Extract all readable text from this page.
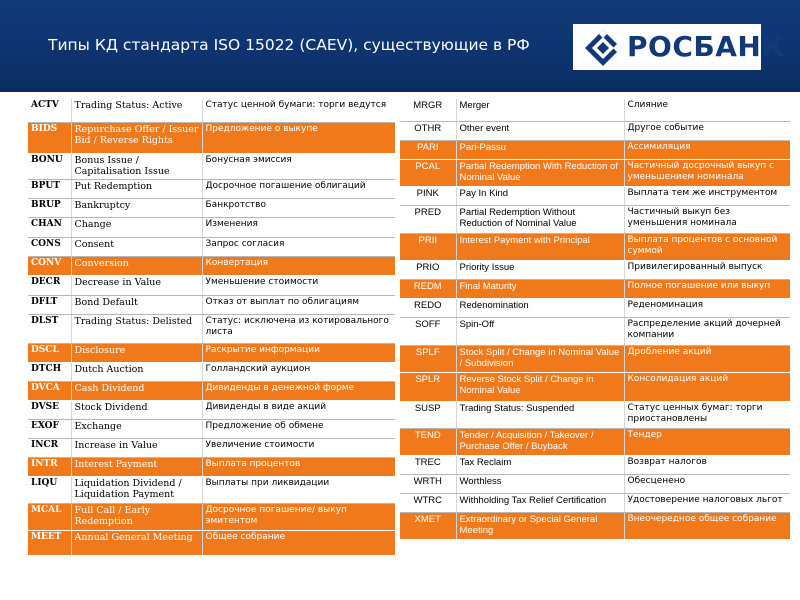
Типы КД стандарта ISO 15022 (CAEV), существующие в РФ	РОСБАНК
ACTV	Trading Status: Active	Статус ценной бумаги: торги ведутся
BIDS	Repurchase Offer / Issuer Bid / Reverse Rights	Предложение о выкупе
BONU	Bonus Issue / Capitalisation Issue	Бонусная эмиссия
BPUT	Put Redemption	Досрочное погашение облигаций
BRUP	Bankruptcy	Банкротство
CHAN	Change	Изменения
CONS	Consent	Запрос согласия
CONV	Conversion	Конвертация
DECR	Decrease in Value	Уменьшение стоимости
DFLT	Bond Default	Отказ от выплат по облигациям
DLST	Trading Status: Delisted	Статус: исключена из котировального листа
DSCL	Disclosure	Раскрытие информации
DTCH	Dutch Auction	Голландский аукцион
DVCA	Cash Dividend	Дивиденды в денежной форме
DVSE	Stock Dividend	Дивиденды в виде акций
EXOF	Exchange	Предложение об обмене
INCR	Increase in Value	Увеличение стоимости
INTR	Interest Payment	Выплата процентов
LIQU	Liquidation Dividend / Liquidation Payment	Выплаты при ликвидации
MCAL	Full Call / Early Redemption	Досрочное погашение/ выкуп эмитентом
MEET	Annual General Meeting	Общее собрание
MRGR	Merger	Слияние
OTHR	Other event	Другое событие
PARI	Pari-Passu	Ассимиляция
PCAL	Partial Redemption With Reduction of Nominal Value	Частичный досрочный выкуп с уменьшением номинала
PINK	Pay In Kind	Выплата тем же инструментом
PRED	Partial Redemption Without Reduction of Nominal Value	Частичный выкуп без уменьшения номинала
PRII	Interest Payment with Principal	Выплата процентов с основной суммой
PRIO	Priority Issue	Привилегированный выпуск
REDM	Final Maturity	Полное погашение или выкуп
REDO	Redenomination	Реденоминация
SOFF	Spin-Off	Распределение акций дочерней компании
SPLF	Stock Split / Change in Nominal Value / Subdivision	Дробление акций
SPLR	Reverse Stock Split / Change in Nominal Value	Консолидация акций
SUSP	Trading Status: Suspended	Статус ценных бумаг: торги приостановлены
TEND	Tender / Acquisition / Takeover / Purchase Offer / Buyback	Тендер
TREC	Tax Reclaim	Возврат налогов
WRTH	Worthless	Обесценено
WTRC	Withholding Tax Relief Certification	Удостоверение налоговых льгот
XMET	Extraordinary or Special General Meeting	Внеочередное общее собрание
